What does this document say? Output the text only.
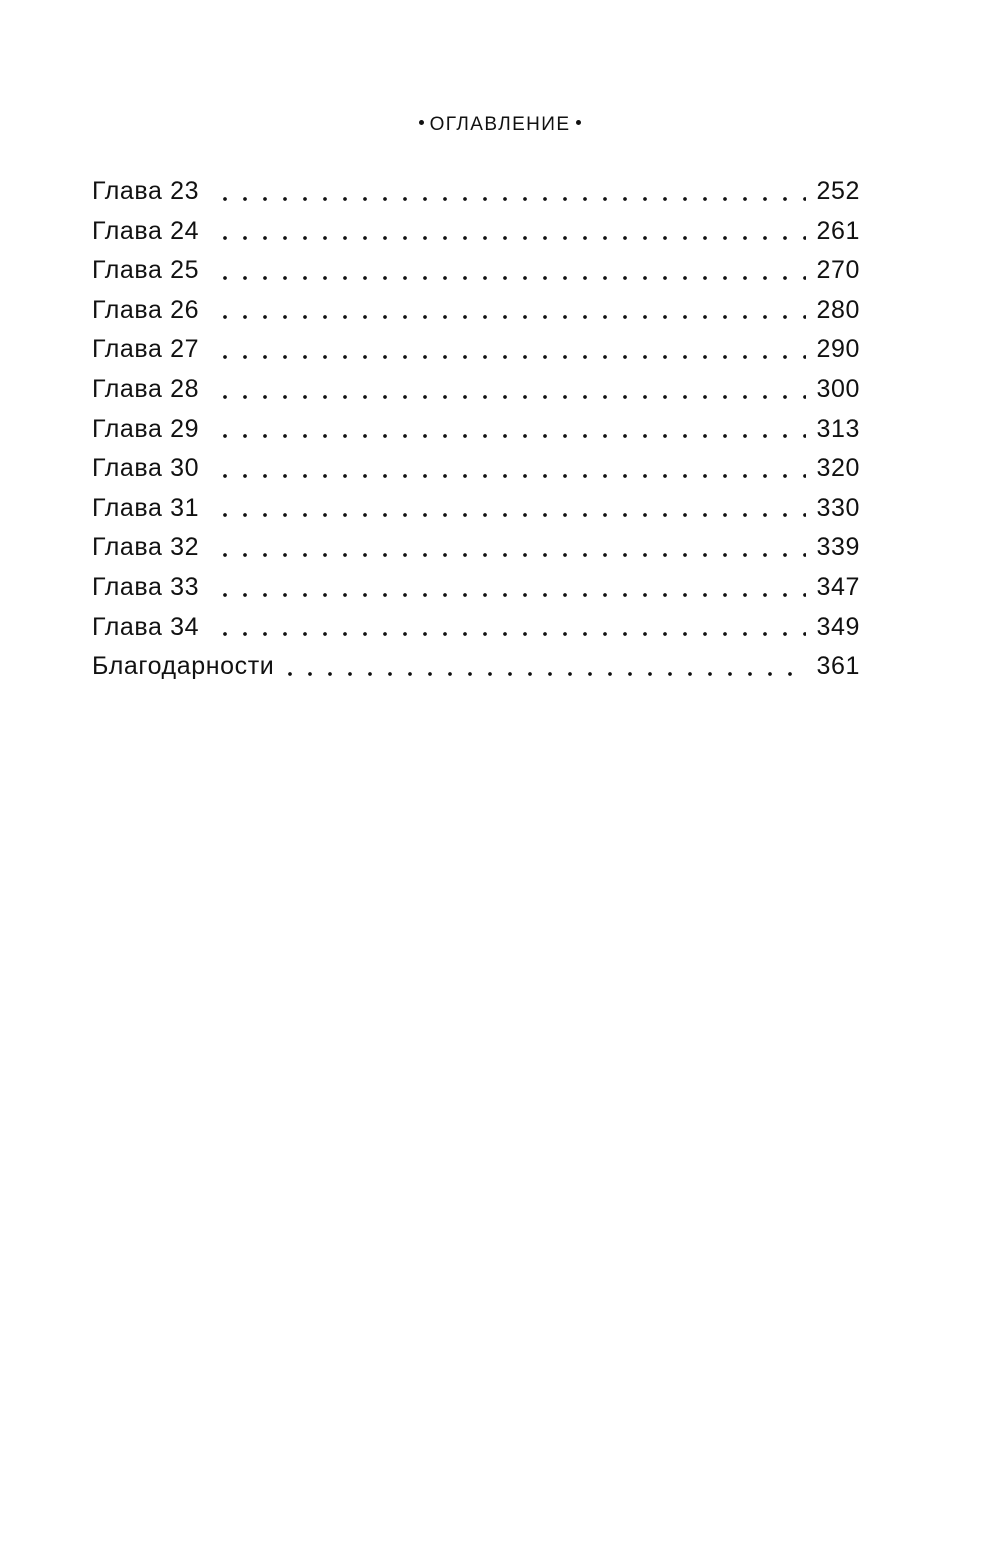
ОГЛАВЛЕНИЕ
Глава 23	252
Глава 24	261
Глава 25	270
Глава 26	280
Глава 27	290
Глава 28	300
Глава 29	313
Глава 30	320
Глава 31	330
Глава 32	339
Глава 33	347
Глава 34	349
Благодарности	361
